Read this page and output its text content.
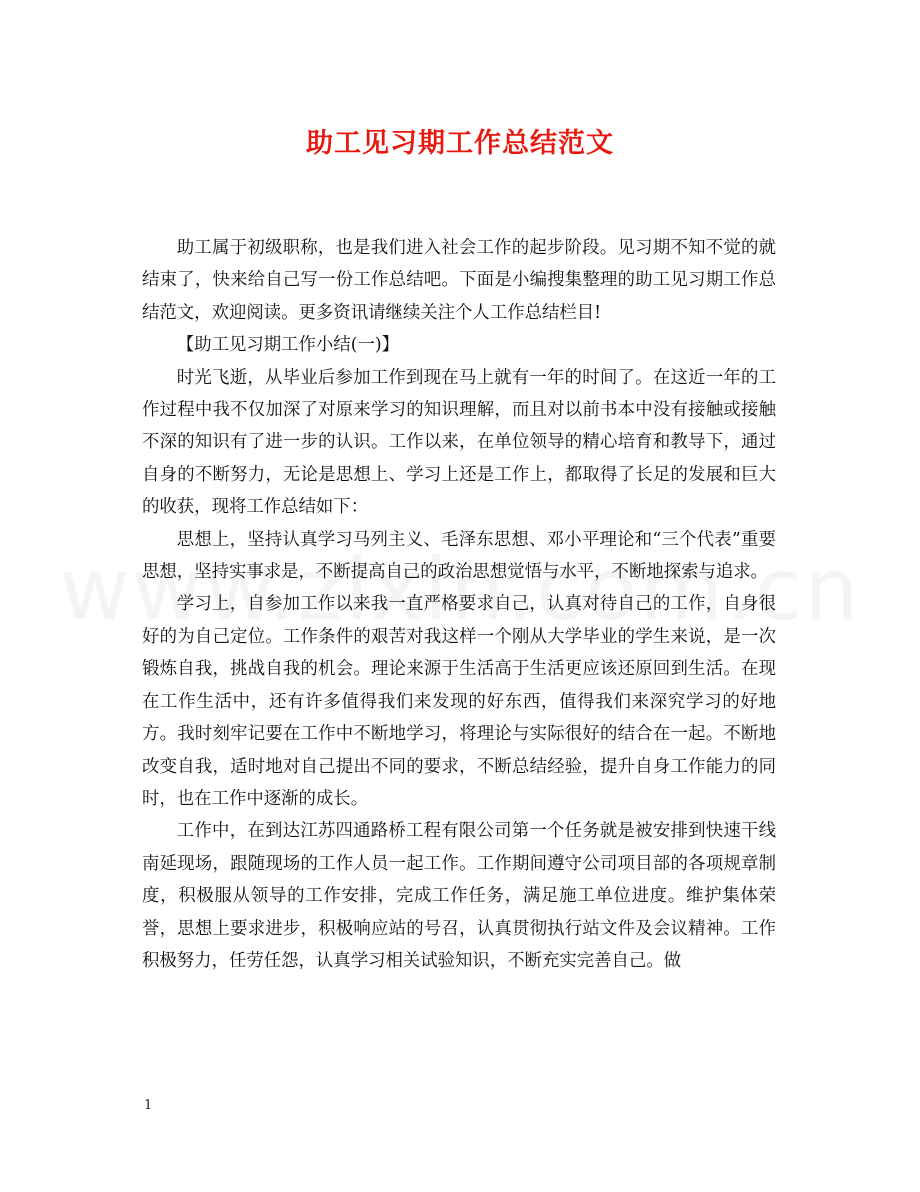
助工见习期工作总结范文

助工属于初级职称，也是我们进入社会工作的起步阶段。见习期不知不觉的就结束了，快来给自己写一份工作总结吧。下面是小编搜集整理的助工见习期工作总结范文，欢迎阅读。更多资讯请继续关注个人工作总结栏目!

【助工见习期工作小结(一)】

时光飞逝，从毕业后参加工作到现在马上就有一年的时间了。在这近一年的工作过程中我不仅加深了对原来学习的知识理解，而且对以前书本中没有接触或接触不深的知识有了进一步的认识。工作以来，在单位领导的精心培育和教导下，通过自身的不断努力，无论是思想上、学习上还是工作上，都取得了长足的发展和巨大的收获，现将工作总结如下：

思想上，坚持认真学习马列主义、毛泽东思想、邓小平理论和“三个代表”重要思想，坚持实事求是，不断提高自己的政治思想觉悟与水平，不断地探索与追求。

学习上，自参加工作以来我一直严格要求自己，认真对待自己的工作，自身很好的为自己定位。工作条件的艰苦对我这样一个刚从大学毕业的学生来说，是一次锻炼自我，挑战自我的机会。理论来源于生活高于生活更应该还原回到生活。在现在工作生活中，还有许多值得我们来发现的好东西，值得我们来深究学习的好地方。我时刻牢记要在工作中不断地学习，将理论与实际很好的结合在一起。不断地改变自我，适时地对自己提出不同的要求，不断总结经验，提升自身工作能力的同时，也在工作中逐渐的成长。

工作中，在到达江苏四通路桥工程有限公司第一个任务就是被安排到快速干线南延现场，跟随现场的工作人员一起工作。工作期间遵守公司项目部的各项规章制度，积极服从领导的工作安排，完成工作任务，满足施工单位进度。维护集体荣誉，思想上要求进步，积极响应站的号召，认真贯彻执行站文件及会议精神。工作积极努力，任劳任怨，认真学习相关试验知识，不断充实完善自己。做

1
